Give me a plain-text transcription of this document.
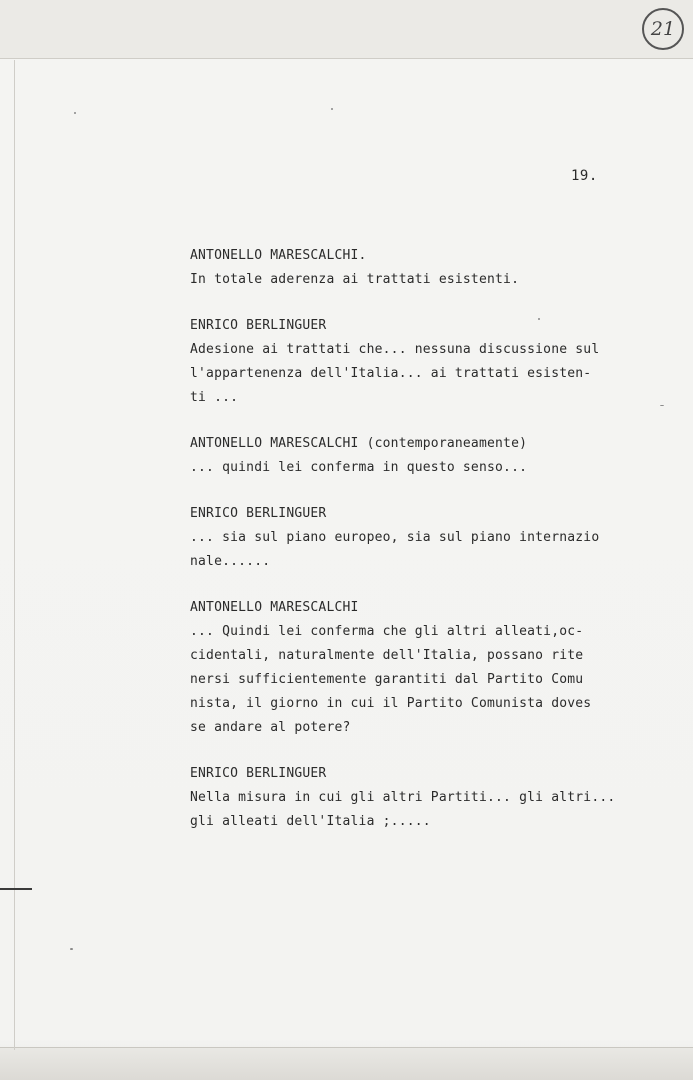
21
19.

ANTONELLO MARESCALCHI.

In totale aderenza ai trattati esistenti.

ENRICO BERLINGUER

Adesione ai trattati che... nessuna discussione sul

l'appartenenza dell'Italia... ai trattati esisten-

ti ...

ANTONELLO MARESCALCHI (contemporaneamente)

... quindi lei conferma in questo senso...

ENRICO BERLINGUER

... sia sul piano europeo, sia sul piano internazio

nale......

ANTONELLO MARESCALCHI

... Quindi lei conferma che gli altri alleati,oc-

cidentali, naturalmente dell'Italia, possano rite

nersi sufficientemente garantiti dal Partito Comu

nista, il giorno in cui il Partito Comunista doves

se andare al potere?

ENRICO BERLINGUER

Nella misura in cui gli altri Partiti... gli altri...

gli alleati dell'Italia ;.....
